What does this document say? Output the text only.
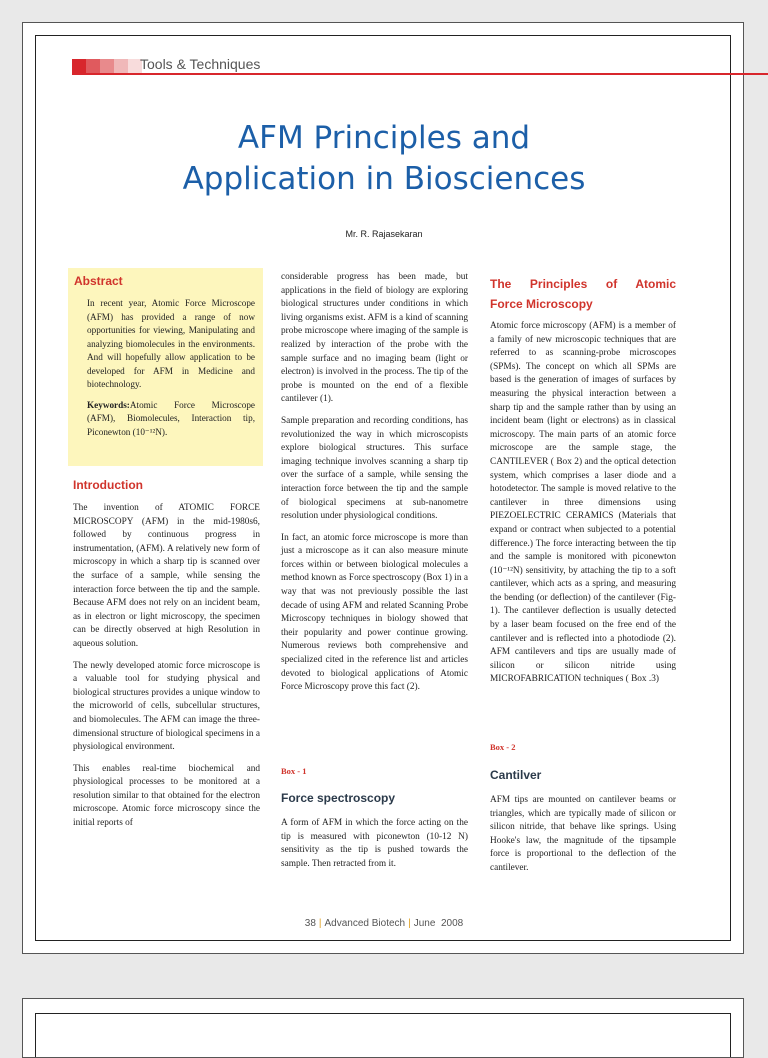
Tools & Techniques
AFM Principles and
Application in Biosciences
Mr. R. Rajasekaran
Abstract

In recent year, Atomic Force Microscope (AFM) has provided a range of now opportunities for viewing, Manipulating and analyzing biomolecules in the environments. And will hopefully allow application to be developed for AFM in Medicine and biotechnology.

Keywords:Atomic Force Microscope (AFM), Biomolecules, Interaction tip, Piconewton (10⁻¹²N).

Introduction

The invention of ATOMIC FORCE MICROSCOPY (AFM) in the mid-1980s6, followed by continuous progress in instrumentation, (AFM). A relatively new form of microscopy in which a sharp tip is scanned over the surface of a sample, while sensing the interaction force between the tip and the sample. Because AFM does not rely on an incident beam, as in electron or light microscopy, the specimen can be directly observed at high Resolution in aqueous solution.

The newly developed atomic force microscope is a valuable tool for studying physical and biological structures provides a unique window to the microworld of cells, subcellular structures, and biomolecules. The AFM can image the three-dimensional structure of biological specimens in a physiological environment.

This enables real-time biochemical and physiological processes to be monitored at a resolution similar to that obtained for the electron microscope. Atomic force microscopy since the initial reports of

considerable progress has been made, but applications in the field of biology are exploring biological structures under conditions in which living organisms exist. AFM is a kind of scanning probe microscope where imaging of the sample is realized by interaction of the probe with the sample surface and no imaging beam (light or electron) is involved in the process. The tip of the probe is mounted on the end of a flexible cantilever (1).

Sample preparation and recording conditions, has revolutionized the way in which microscopists explore biological structures. This surface imaging technique involves scanning a sharp tip over the surface of a sample, while sensing the interaction force between the tip and the sample of biological specimens at sub-nanometre resolution under physiological conditions.

In fact, an atomic force microscope is more than just a microscope as it can also measure minute forces within or between biological molecules a method known as Force spectroscopy (Box 1) in a way that was not previously possible the last decade of using AFM and related Scanning Probe Microscopy techniques in biology showed that their popularity and power continue growing. Numerous reviews both comprehensive and specialized cited in the reference list and articles devoted to biological applications of Atomic Force Microscopy prove this fact (2).

Box - 1
Force spectroscopy

A form of AFM in which the force acting on the tip is measured with piconewton (10-12 N) sensitivity as the tip is pushed towards the sample. Then retracted from it.

The Principles of Atomic
Force Microscopy

Atomic force microscopy (AFM) is a member of a family of new microscopic techniques that are referred to as scanning-probe microscopes (SPMs). The concept on which all SPMs are based is the generation of images of surfaces by measuring the physical interaction between a sharp tip and the sample rather than by using an incident beam (light or electrons) as in classical microscopy. The main parts of an atomic force microscope are the sample stage, the CANTILEVER ( Box 2) and the optical detection system, which comprises a laser diode and a hotodetector. The sample is moved relative to the cantilever in three dimensions using PIEZOELECTRIC CERAMICS (Materials that expand or contract when subjected to a potential difference.) The force interacting between the tip and the sample is monitored with piconewton (10⁻¹²N) sensitivity, by attaching the tip to a soft cantilever, which acts as a spring, and measuring the bending (or deflection) of the cantilever (Fig-1). The cantilever deflection is usually detected by a laser beam focused on the free end of the cantilever and is reflected into a photodiode (2). AFM cantilevers and tips are usually made of silicon or silicon nitride using MICROFABRICATION techniques ( Box .3)

Box - 2
Cantilver

AFM tips are mounted on cantilever beams or triangles, which are typically made of silicon or silicon nitride, that behave like springs. Using Hooke's law, the magnitude of the tipsample force is proportional to the deflection of the cantilever.

38 | Advanced Biotech | June 2008
